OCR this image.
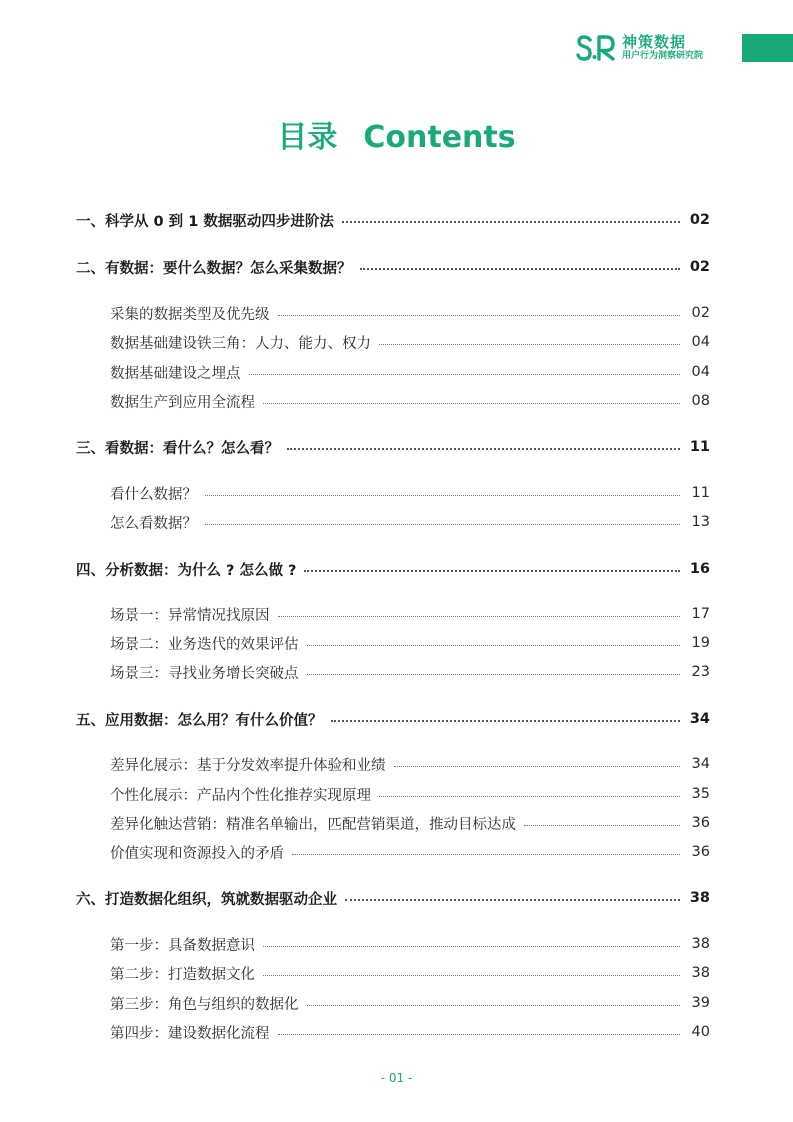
神策数据
用户行为洞察研究院
目录 Contents
一、科学从 0 到 1 数据驱动四步进阶法	02
二、有数据：要什么数据？怎么采集数据？	02
采集的数据类型及优先级	02
数据基础建设铁三角：人力、能力、权力	04
数据基础建设之埋点	04
数据生产到应用全流程	08
三、看数据：看什么？怎么看？	11
看什么数据？	11
怎么看数据？	13
四、分析数据：为什么 ? 怎么做 ?	16
场景一：异常情况找原因	17
场景二：业务迭代的效果评估	19
场景三：寻找业务增长突破点	23
五、应用数据：怎么用？有什么价值？	34
差异化展示：基于分发效率提升体验和业绩	34
个性化展示：产品内个性化推荐实现原理	35
差异化触达营销：精准名单输出，匹配营销渠道，推动目标达成	36
价值实现和资源投入的矛盾	36
六、打造数据化组织，筑就数据驱动企业	38
第一步：具备数据意识	38
第二步：打造数据文化	38
第三步：角色与组织的数据化	39
第四步：建设数据化流程	40
- 01 -
